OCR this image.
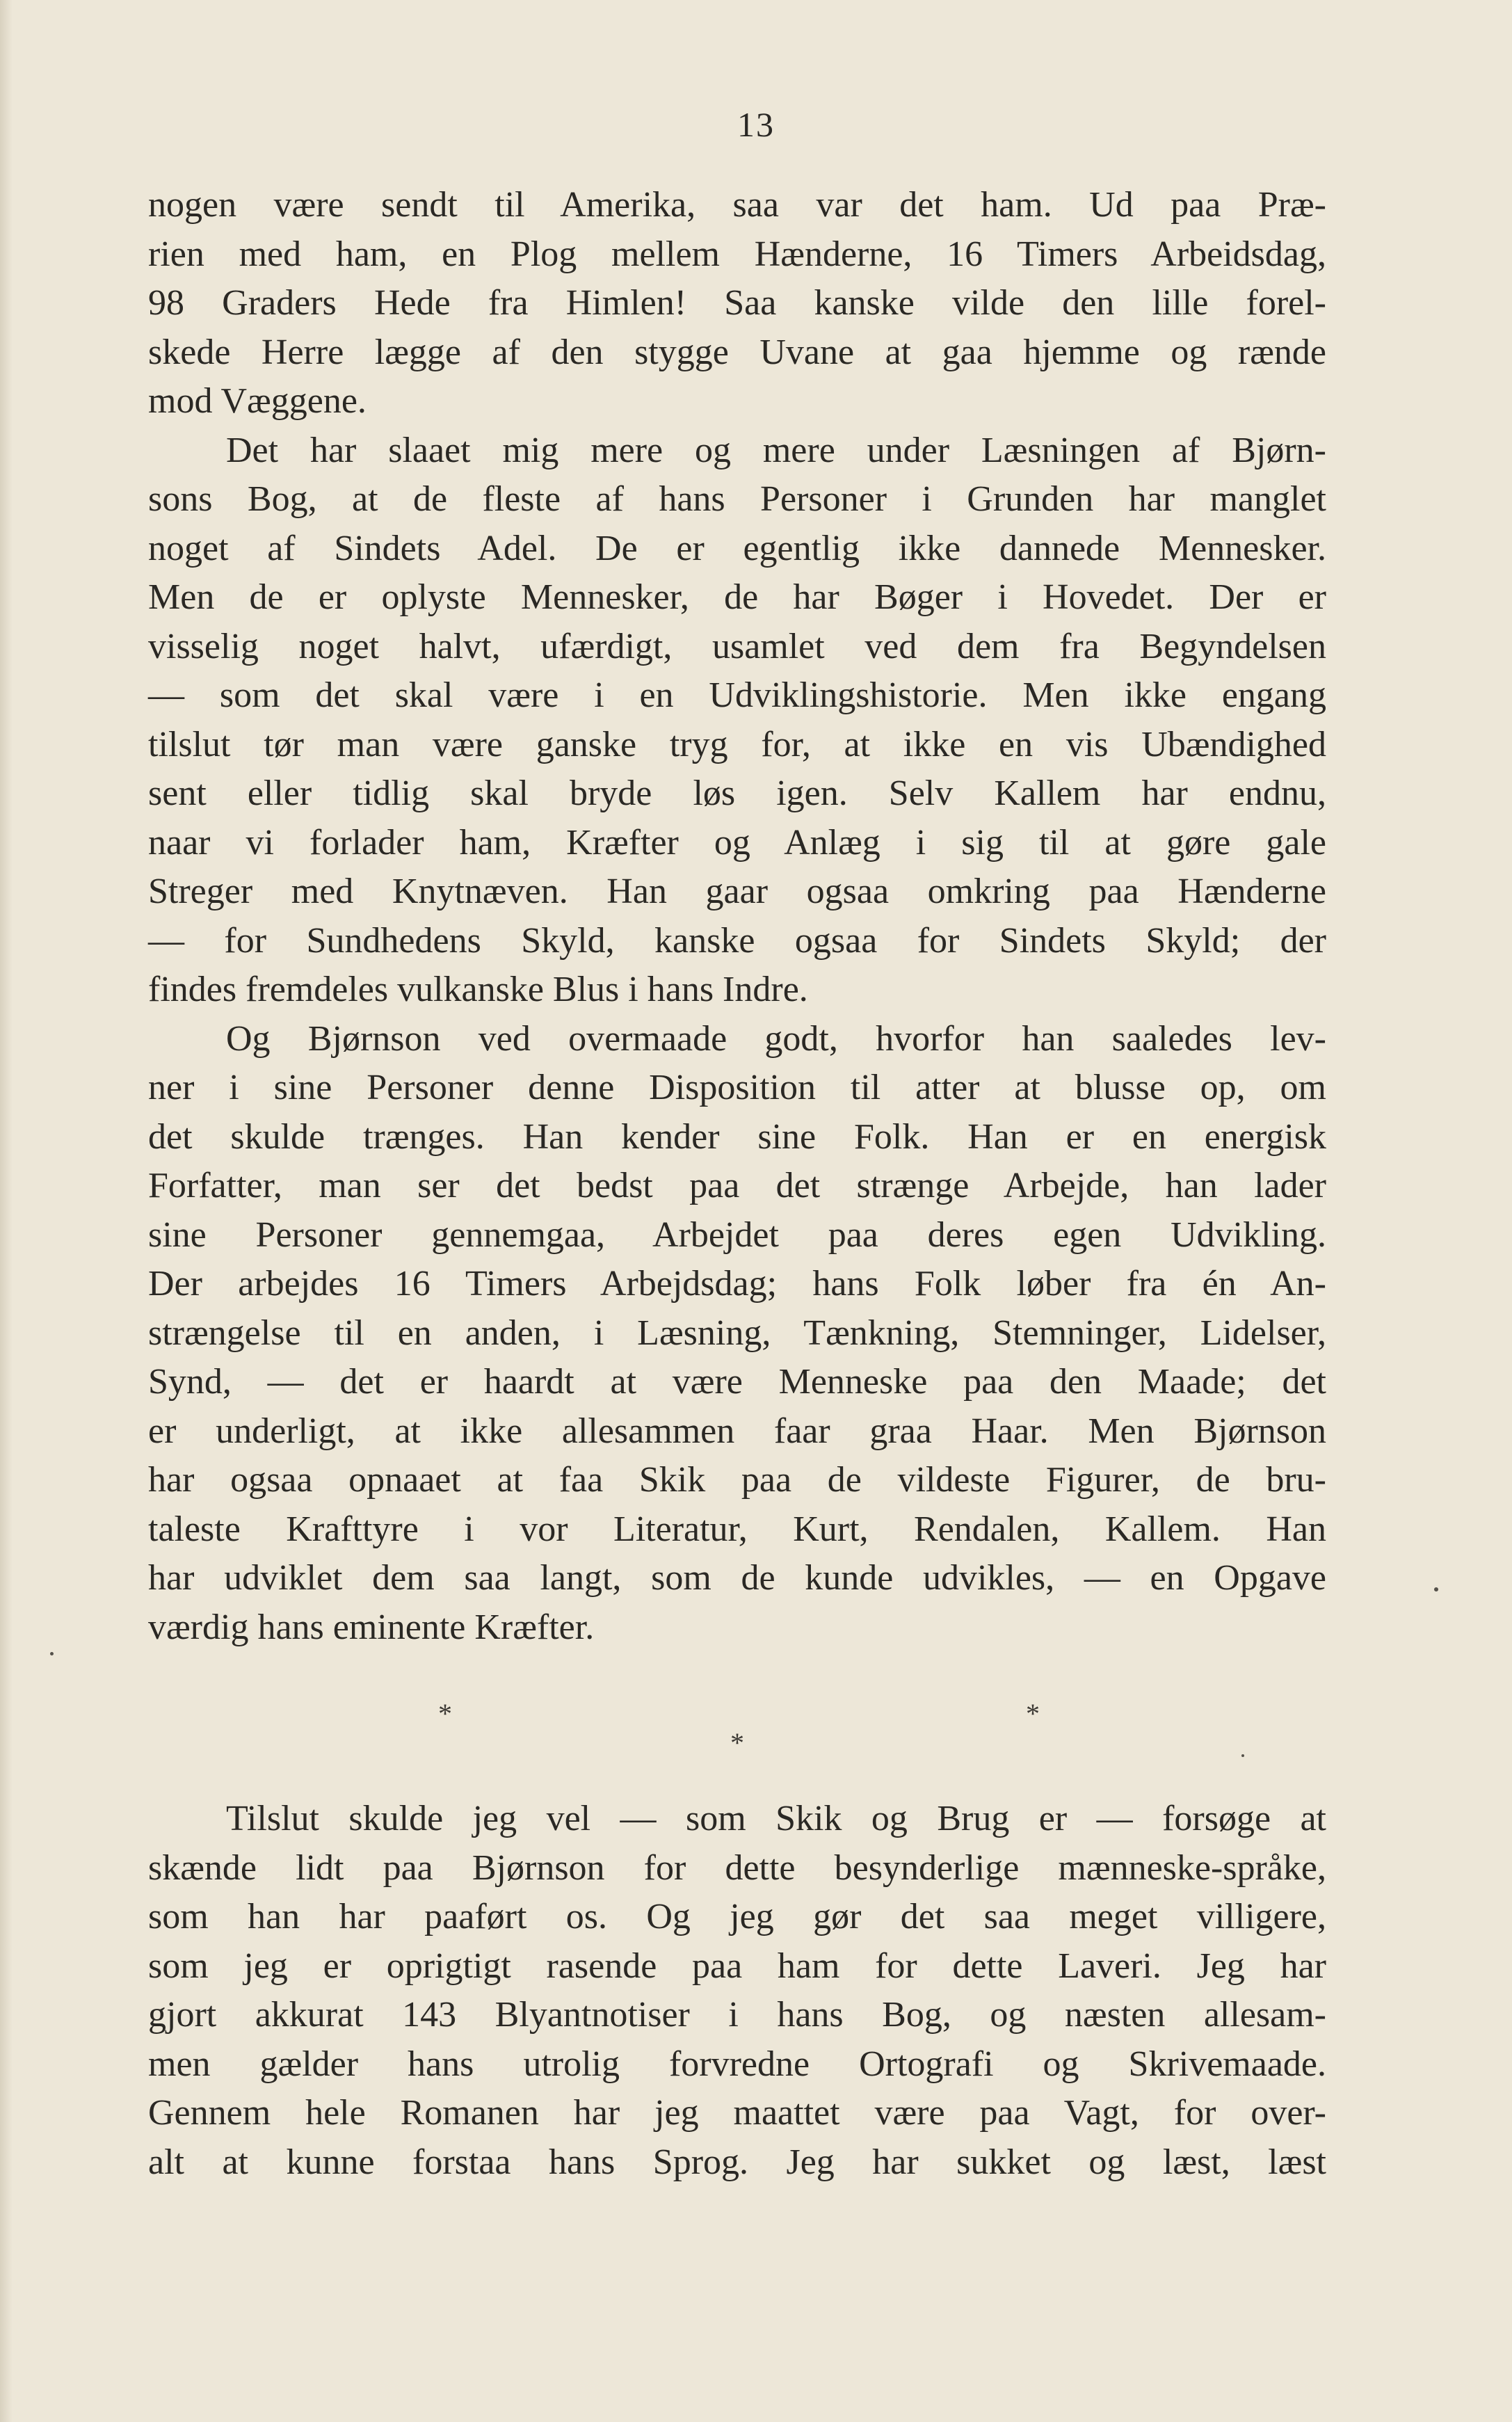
13
nogen være sendt til Amerika, saa var det ham. Ud paa Præ-
rien med ham, en Plog mellem Hænderne, 16 Timers Arbeidsdag,
98 Graders Hede fra Himlen! Saa kanske vilde den lille forel-
skede Herre lægge af den stygge Uvane at gaa hjemme og rænde
mod Væggene.
Det har slaaet mig mere og mere under Læsningen af Bjørn-
sons Bog, at de fleste af hans Personer i Grunden har manglet
noget af Sindets Adel. De er egentlig ikke dannede Mennesker.
Men de er oplyste Mennesker, de har Bøger i Hovedet. Der er
visselig noget halvt, ufærdigt, usamlet ved dem fra Begyndelsen
— som det skal være i en Udviklingshistorie. Men ikke engang
tilslut tør man være ganske tryg for, at ikke en vis Ubændighed
sent eller tidlig skal bryde løs igen. Selv Kallem har endnu,
naar vi forlader ham, Kræfter og Anlæg i sig til at gøre gale
Streger med Knytnæven. Han gaar ogsaa omkring paa Hænderne
— for Sundhedens Skyld, kanske ogsaa for Sindets Skyld; der
findes fremdeles vulkanske Blus i hans Indre.
Og Bjørnson ved overmaade godt, hvorfor han saaledes lev-
ner i sine Personer denne Disposition til atter at blusse op, om
det skulde trænges. Han kender sine Folk. Han er en energisk
Forfatter, man ser det bedst paa det strænge Arbejde, han lader
sine Personer gennemgaa, Arbejdet paa deres egen Udvikling.
Der arbejdes 16 Timers Arbejdsdag; hans Folk løber fra én An-
strængelse til en anden, i Læsning, Tænkning, Stemninger, Lidelser,
Synd, — det er haardt at være Menneske paa den Maade; det
er underligt, at ikke allesammen faar graa Haar. Men Bjørnson
har ogsaa opnaaet at faa Skik paa de vildeste Figurer, de bru-
taleste Krafttyre i vor Literatur, Kurt, Rendalen, Kallem. Han
har udviklet dem saa langt, som de kunde udvikles, — en Opgave
værdig hans eminente Kræfter.
*	*
*
Tilslut skulde jeg vel — som Skik og Brug er — forsøge at
skænde lidt paa Bjørnson for dette besynderlige mænneske-språke,
som han har paaført os. Og jeg gør det saa meget villigere,
som jeg er oprigtigt rasende paa ham for dette Laveri. Jeg har
gjort akkurat 143 Blyantnotiser i hans Bog, og næsten allesam-
men gælder hans utrolig forvredne Ortografi og Skrivemaade.
Gennem hele Romanen har jeg maattet være paa Vagt, for over-
alt at kunne forstaa hans Sprog. Jeg har sukket og læst, læst
